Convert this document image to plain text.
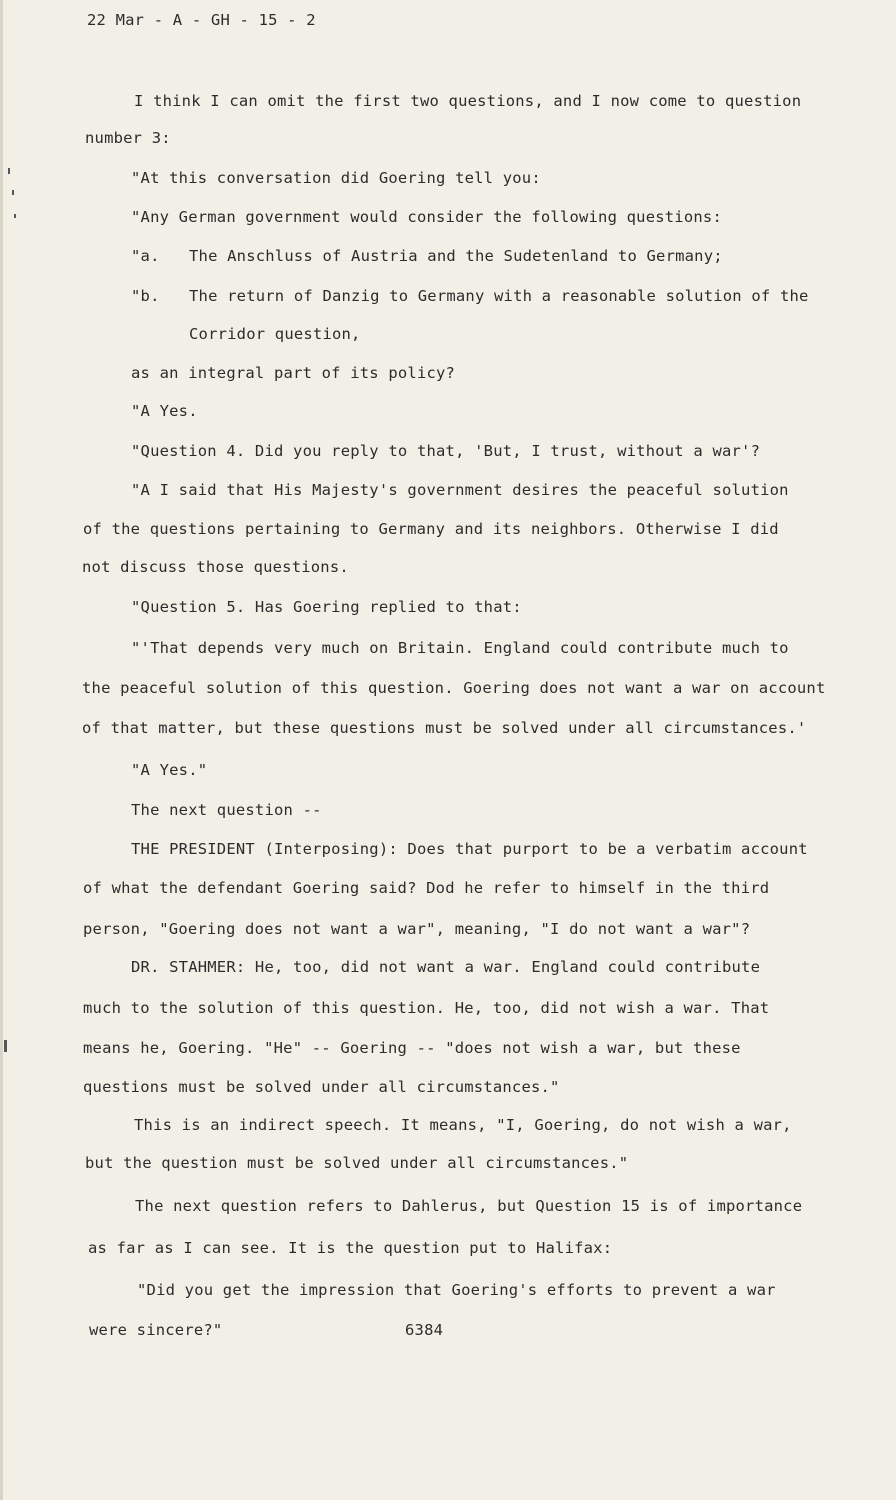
22 Mar - A - GH - 15 - 2
I think I can omit the first two questions, and I now come to question
number 3:
"At this conversation did Goering tell you:
"Any German government would consider the following questions:
"a. The Anschluss of Austria and the Sudetenland to Germany;
"b. The return of Danzig to Germany with a reasonable solution of the
Corridor question,
as an integral part of its policy?
"A Yes.
"Question 4. Did you reply to that, 'But, I trust, without a war'?
"A I said that His Majesty's government desires the peaceful solution
of the questions pertaining to Germany and its neighbors. Otherwise I did
not discuss those questions.
"Question 5. Has Goering replied to that:
"'That depends very much on Britain. England could contribute much to
the peaceful solution of this question. Goering does not want a war on account
of that matter, but these questions must be solved under all circumstances.'
"A Yes."
The next question --
THE PRESIDENT (Interposing): Does that purport to be a verbatim account
of what the defendant Goering said? Dod he refer to himself in the third
person, "Goering does not want a war", meaning, "I do not want a war"?
DR. STAHMER: He, too, did not want a war. England could contribute
much to the solution of this question. He, too, did not wish a war. That
means he, Goering. "He" -- Goering -- "does not wish a war, but these
questions must be solved under all circumstances."
This is an indirect speech. It means, "I, Goering, do not wish a war,
but the question must be solved under all circumstances."
The next question refers to Dahlerus, but Question 15 is of importance
as far as I can see. It is the question put to Halifax:
"Did you get the impression that Goering's efforts to prevent a war
were sincere?"	6384
